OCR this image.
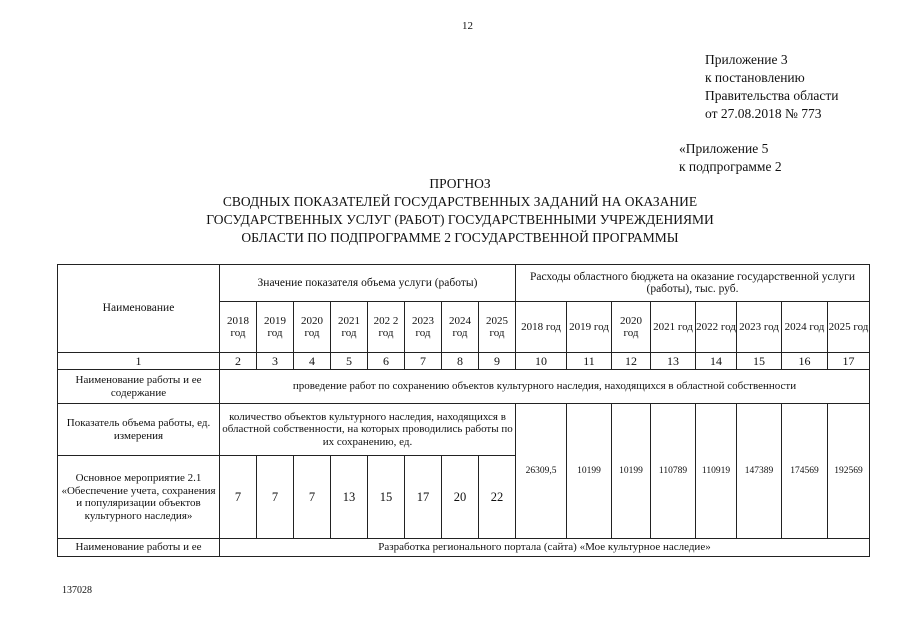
12
Приложение 3
к постановлению
Правительства области
от 27.08.2018 № 773
«Приложение 5
к подпрограмме 2
ПРОГНОЗ
СВОДНЫХ ПОКАЗАТЕЛЕЙ ГОСУДАРСТВЕННЫХ ЗАДАНИЙ НА ОКАЗАНИЕ
ГОСУДАРСТВЕННЫХ УСЛУГ (РАБОТ) ГОСУДАРСТВЕННЫМИ УЧРЕЖДЕНИЯМИ
ОБЛАСТИ ПО ПОДПРОГРАММЕ 2 ГОСУДАРСТВЕННОЙ ПРОГРАММЫ
Наименование	Значение показателя объема услуги (работы)								Расходы областного бюджета на оказание государственной услуги (работы), тыс. руб.							
	2018 год	2019 год	2020 год	2021 год	202 2 год	2023 год	2024 год	2025 год	2018 год	2019 год	2020 год	2021 год	2022 год	2023 год	2024 год	2025 год
1	2	3	4	5	6	7	8	9	10	11	12	13	14	15	16	17
Наименование работы и ее содержание	проведение работ по сохранению объектов культурного наследия, находящихся в областной собственности															
Показатель объема работы, ед. измерения	количество объектов культурного наследия, находящихся в областной собственности, на которых проводились работы по их сохранению, ед.								26309,5	10199	10199	110789	110919	147389	174569	192569
Основное мероприятие 2.1 «Обеспечение учета, сохранения и популяризации объектов культурного наследия»	7	7	7	13	15	17	20	22								
Наименование работы и ее	Разработка регионального портала (сайта) «Мое культурное наследие»															
137028
